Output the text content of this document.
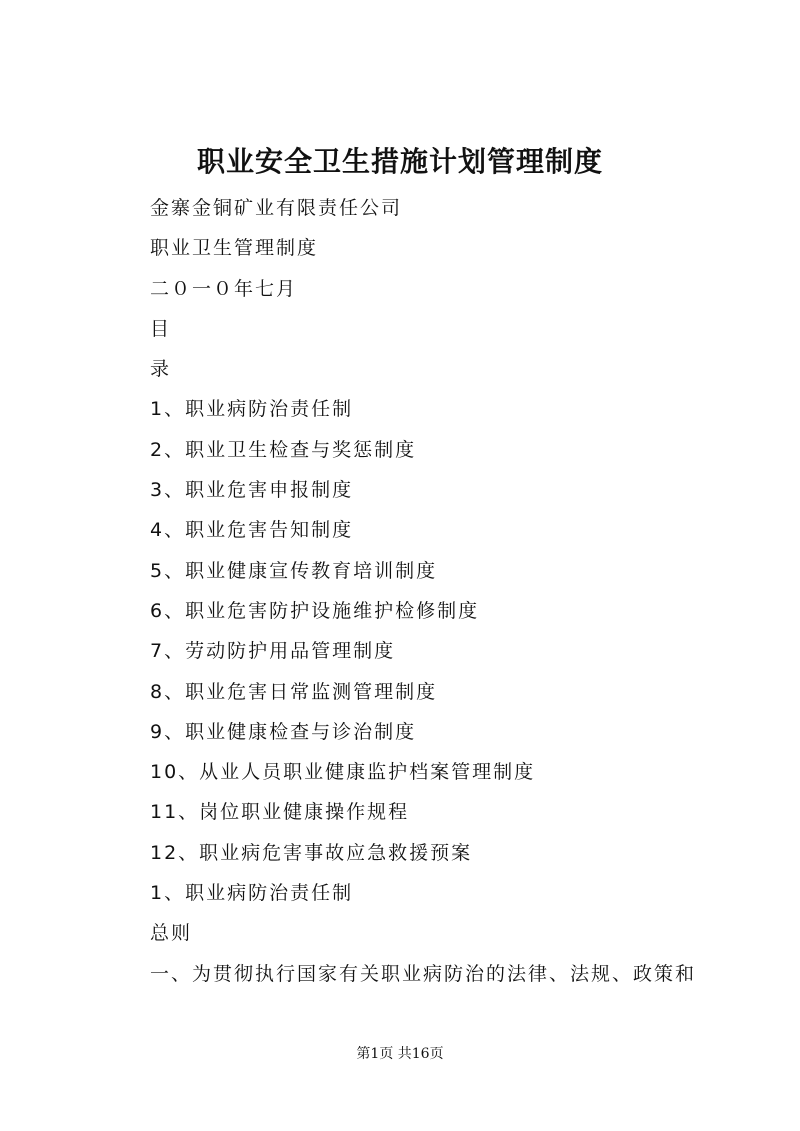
职业安全卫生措施计划管理制度
金寨金铜矿业有限责任公司
职业卫生管理制度
二０一０年七月
目
录
1、职业病防治责任制
2、职业卫生检查与奖惩制度
3、职业危害申报制度
4、职业危害告知制度
5、职业健康宣传教育培训制度
6、职业危害防护设施维护检修制度
7、劳动防护用品管理制度
8、职业危害日常监测管理制度
9、职业健康检查与诊治制度
10、从业人员职业健康监护档案管理制度
11、岗位职业健康操作规程
12、职业病危害事故应急救援预案
1、职业病防治责任制
总则
一、为贯彻执行国家有关职业病防治的法律、法规、政策和
第1页 共16页
